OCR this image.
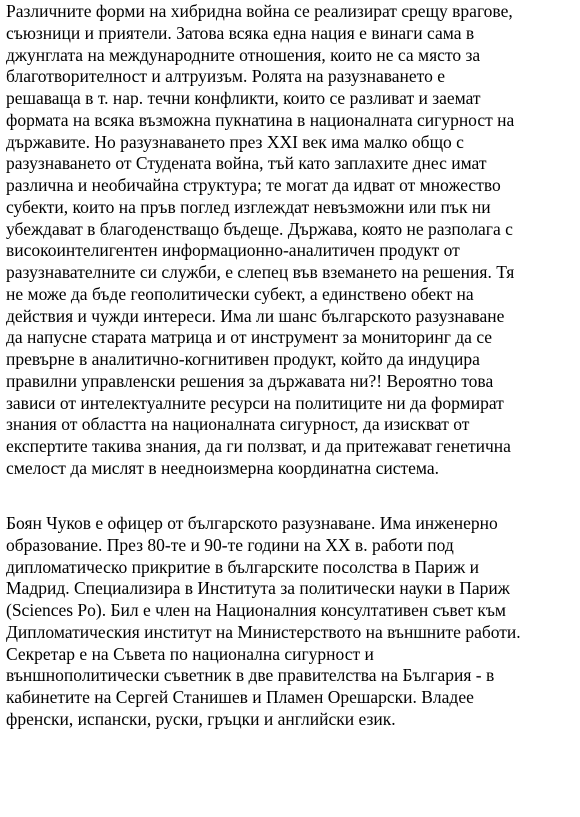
Различните форми на хибридна война се реализират срещу врагове,
съюзници и приятели. Затова всяка една нация е винаги сама в
джунглата на международните отношения, които не са място за
благотворителност и алтруизъм. Ролята на разузнаването е
решаваща в т. нар. течни конфликти, които се разливат и заемат
формата на всяка възможна пукнатина в националната сигурност на
държавите. Но разузнаването през XXI век има малко общо с
разузнаването от Студената война, тъй като заплахите днес имат
различна и необичайна структура; те могат да идват от множество
субекти, които на пръв поглед изглеждат невъзможни или пък ни
убеждават в благоденстващо бъдеще. Държава, която не разполага с
високоинтелигентен информационно-аналитичен продукт от
разузнавателните си служби, е слепец във вземането на решения. Тя
не може да бъде геополитически субект, а единствено обект на
действия и чужди интереси. Има ли шанс българското разузнаване
да напусне старата матрица и от инструмент за мониторинг да се
превърне в аналитично-когнитивен продукт, който да индуцира
правилни управленски решения за държавата ни?! Вероятно това
зависи от интелектуалните ресурси на политиците ни да формират
знания от областта на националната сигурност, да изискват от
експертите такива знания, да ги ползват, и да притежават генетична
смелост да мислят в неедноизмерна координатна система.

Боян Чуков е офицер от българското разузнаване. Има инженерно
образование. През 80-те и 90-те години на XX в. работи под
дипломатическо прикритие в българските посолства в Париж и
Мадрид. Специализира в Института за политически науки в Париж
(Sciences Po). Бил е член на Националния консултативен съвет към
Дипломатическия институт на Министерството на външните работи.
Секретар е на Съвета по национална сигурност и
външнополитически съветник в две правителства на България - в
кабинетите на Сергей Станишев и Пламен Орешарски. Владее
френски, испански, руски, гръцки и английски език.
